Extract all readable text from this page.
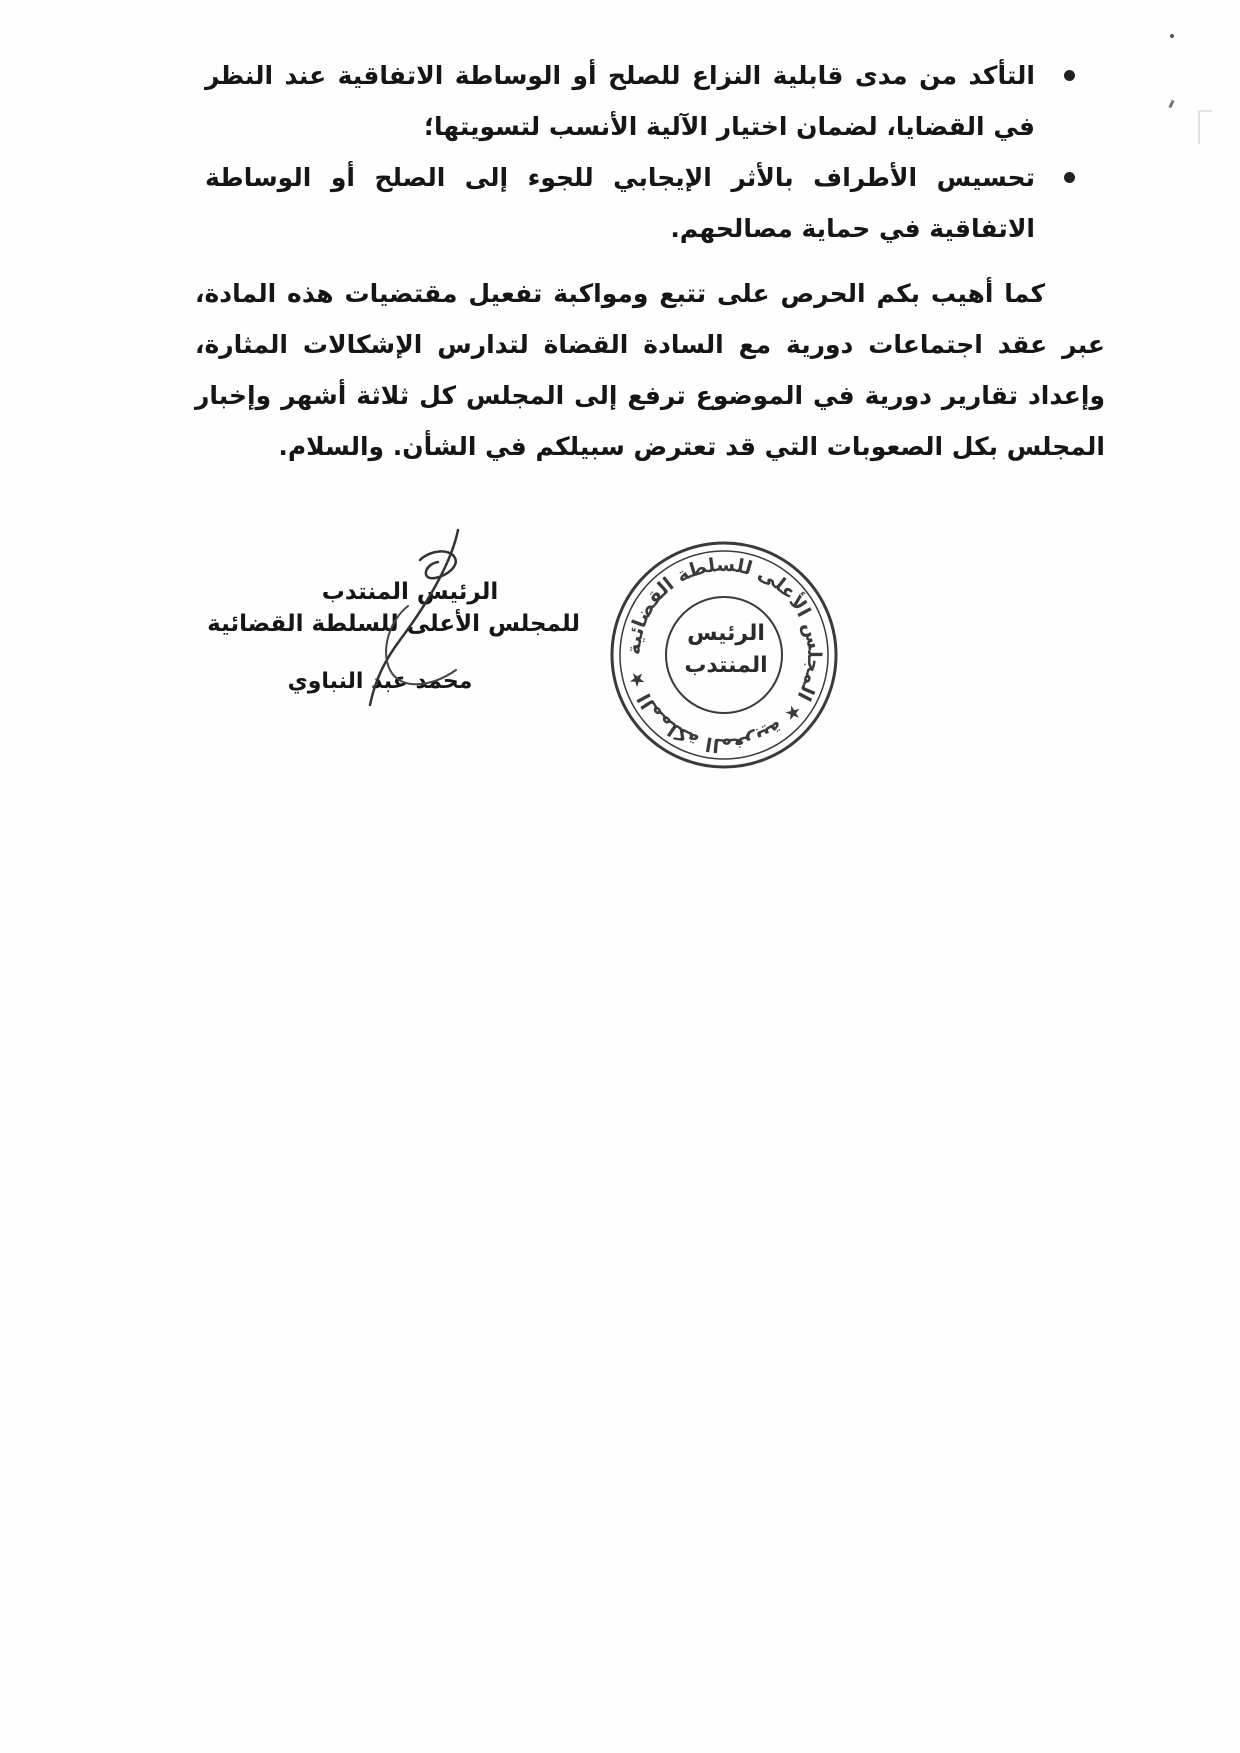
التأكد من مدى قابلية النزاع للصلح أو الوساطة الاتفاقية عند النظر في القضايا، لضمان اختيار الآلية الأنسب لتسويتها؛
تحسيس الأطراف بالأثر الإيجابي للجوء إلى الصلح أو الوساطة الاتفاقية في حماية مصالحهم.

كما أهيب بكم الحرص على تتبع ومواكبة تفعيل مقتضيات هذه المادة، عبر عقد اجتماعات دورية مع السادة القضاة لتدارس الإشكالات المثارة، وإعداد تقارير دورية في الموضوع ترفع إلى المجلس كل ثلاثة أشهر وإخبار المجلس بكل الصعوبات التي قد تعترض سبيلكم في الشأن. والسلام.

المملكة المغربية ★ المجلس الأعلى للسلطة القضائية ★
الرئيس
المنتدب
الرئيس المنتدب
للمجلس الأعلى للسلطة القضائية
محمد عبد النباوي
